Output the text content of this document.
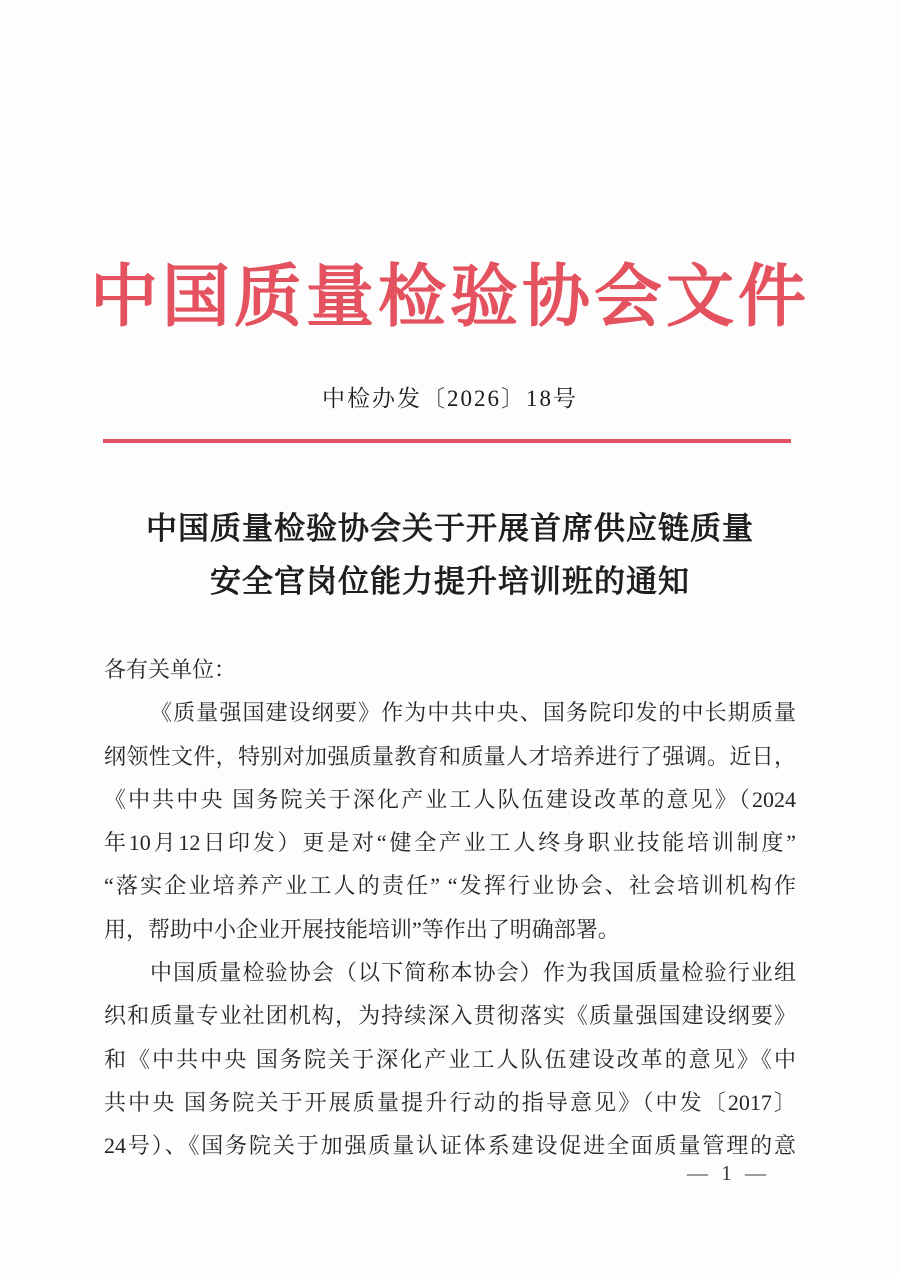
中国质量检验协会文件
中检办发〔2026〕18号
中国质量检验协会关于开展首席供应链质量
安全官岗位能力提升培训班的通知
各有关单位：
《质量强国建设纲要》作为中共中央、国务院印发的中长期质量
纲领性文件，特别对加强质量教育和质量人才培养进行了强调。近日，
《中共中央 国务院关于深化产业工人队伍建设改革的意见》（2024
年10月12日印发）更是对“健全产业工人终身职业技能培训制度”
“落实企业培养产业工人的责任” “发挥行业协会、社会培训机构作
用，帮助中小企业开展技能培训”等作出了明确部署。
中国质量检验协会（以下简称本协会）作为我国质量检验行业组
织和质量专业社团机构，为持续深入贯彻落实《质量强国建设纲要》
和《中共中央 国务院关于深化产业工人队伍建设改革的意见》《中
共中央 国务院关于开展质量提升行动的指导意见》（中发〔2017〕
24号）、《国务院关于加强质量认证体系建设促进全面质量管理的意
— 1 —
